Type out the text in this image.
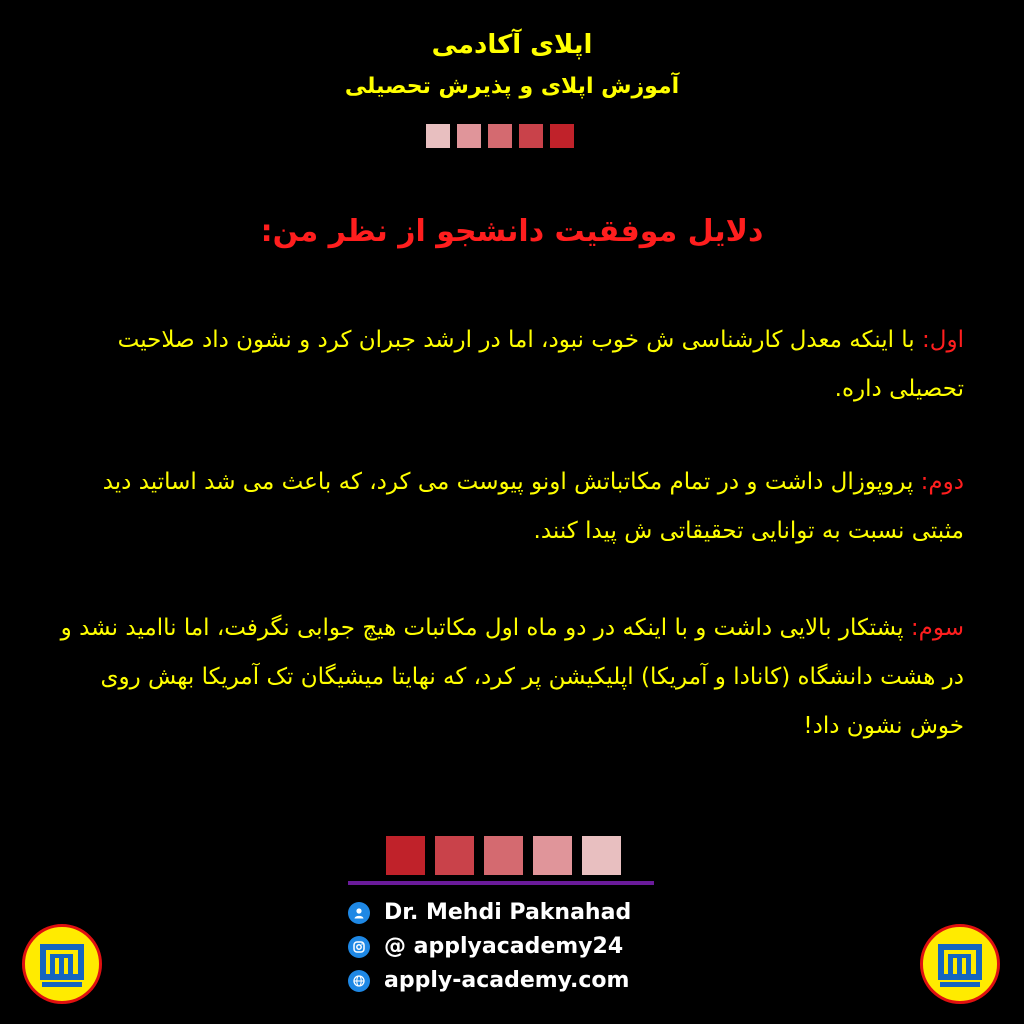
اپلای آکادمی
آموزش اپلای و پذیرش تحصیلی
دلایل موفقیت دانشجو از نظر من:
اول: با اینکه معدل کارشناسی ش خوب نبود، اما در ارشد جبران کرد و نشون داد صلاحیت تحصیلی داره.
دوم: پروپوزال داشت و در تمام مکاتباتش اونو پیوست می کرد، که باعث می شد اساتید دید مثبتی نسبت به توانایی تحقیقاتی ش پیدا کنند.
سوم: پشتکار بالایی داشت و با اینکه در دو ماه اول مکاتبات هیچ جوابی نگرفت، اما ناامید نشد و در هشت دانشگاه (کانادا و آمریکا) اپلیکیشن پر کرد، که نهایتا میشیگان تک آمریکا بهش روی خوش نشون داد!
Dr. Mehdi Paknahad
@ applyacademy24
apply-academy.com
